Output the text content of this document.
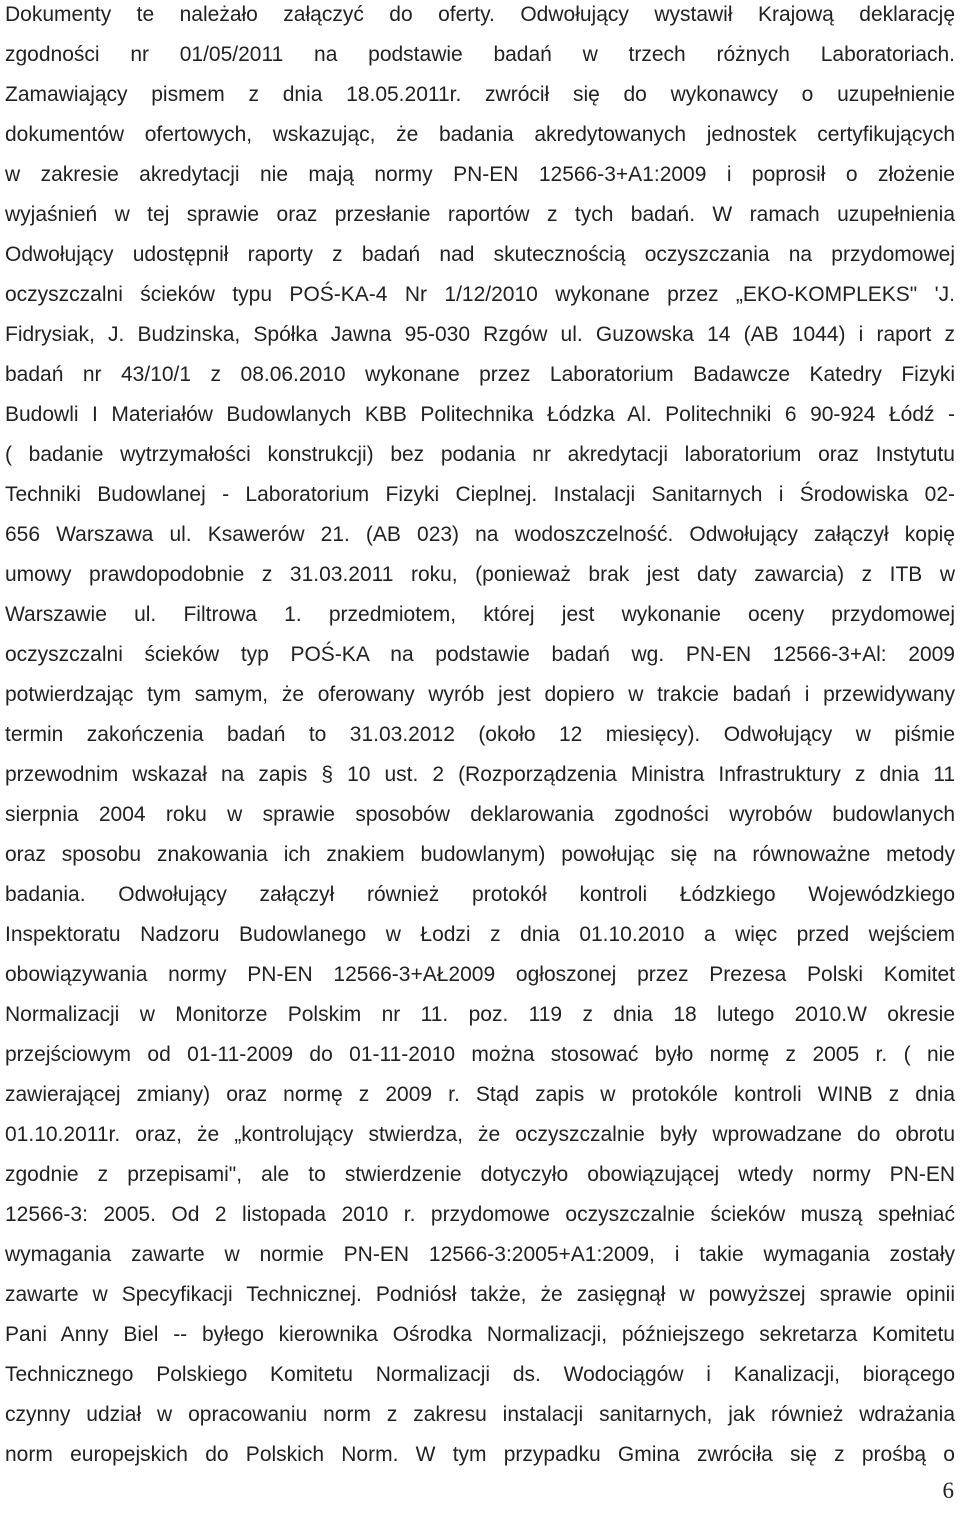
Dokumenty te należało załączyć do oferty. Odwołujący wystawił Krajową deklarację
zgodności nr 01/05/2011 na podstawie badań w trzech różnych Laboratoriach.
Zamawiający pismem z dnia 18.05.2011r. zwrócił się do wykonawcy o uzupełnienie
dokumentów ofertowych, wskazując, że badania akredytowanych jednostek certyfikujących
w zakresie akredytacji nie mają normy PN-EN 12566-3+A1:2009 i poprosił o złożenie
wyjaśnień w tej sprawie oraz przesłanie raportów z tych badań. W ramach uzupełnienia
Odwołujący udostępnił raporty z badań nad skutecznością oczyszczania na przydomowej
oczyszczalni ścieków typu POŚ-KA-4 Nr 1/12/2010 wykonane przez „EKO-KOMPLEKS" 'J.
Fidrysiak, J. Budzinska, Spółka Jawna 95-030 Rzgów ul. Guzowska 14 (AB 1044) i raport z
badań nr 43/10/1 z 08.06.2010 wykonane przez Laboratorium Badawcze Katedry Fizyki
Budowli I Materiałów Budowlanych KBB Politechnika Łódzka Al. Politechniki 6 90-924 Łódź -
( badanie wytrzymałości konstrukcji) bez podania nr akredytacji laboratorium oraz Instytutu
Techniki Budowlanej - Laboratorium Fizyki Cieplnej. Instalacji Sanitarnych i Środowiska 02-
656 Warszawa ul. Ksawerów 21. (AB 023) na wodoszczelność. Odwołujący załączył kopię
umowy prawdopodobnie z 31.03.2011 roku, (ponieważ brak jest daty zawarcia) z ITB w
Warszawie ul. Filtrowa 1. przedmiotem, której jest wykonanie oceny przydomowej
oczyszczalni ścieków typ POŚ-KA na podstawie badań wg. PN-EN 12566-3+Al: 2009
potwierdzając tym samym, że oferowany wyrób jest dopiero w trakcie badań i przewidywany
termin zakończenia badań to 31.03.2012 (około 12 miesięcy). Odwołujący w piśmie
przewodnim wskazał na zapis § 10 ust. 2 (Rozporządzenia Ministra Infrastruktury z dnia 11
sierpnia 2004 roku w sprawie sposobów deklarowania zgodności wyrobów budowlanych
oraz sposobu znakowania ich znakiem budowlanym) powołując się na równoważne metody
badania. Odwołujący załączył również protokół kontroli Łódzkiego Wojewódzkiego
Inspektoratu Nadzoru Budowlanego w Łodzi z dnia 01.10.2010 a więc przed wejściem
obowiązywania normy PN-EN 12566-3+AŁ2009 ogłoszonej przez Prezesa Polski Komitet
Normalizacji w Monitorze Polskim nr 11. poz. 119 z dnia 18 lutego 2010.W okresie
przejściowym od 01-11-2009 do 01-11-2010 można stosować było normę z 2005 r. ( nie
zawierającej zmiany) oraz normę z 2009 r. Stąd zapis w protokóle kontroli WINB z dnia
01.10.2011r. oraz, że „kontrolujący stwierdza, że oczyszczalnie były wprowadzane do obrotu
zgodnie z przepisami", ale to stwierdzenie dotyczyło obowiązującej wtedy normy PN-EN
12566-3: 2005. Od 2 listopada 2010 r. przydomowe oczyszczalnie ścieków muszą spełniać
wymagania zawarte w normie PN-EN 12566-3:2005+A1:2009, i takie wymagania zostały
zawarte w Specyfikacji Technicznej. Podniósł także, że zasięgnął w powyższej sprawie opinii
Pani Anny Biel -- byłego kierownika Ośrodka Normalizacji, późniejszego sekretarza Komitetu
Technicznego Polskiego Komitetu Normalizacji ds. Wodociągów i Kanalizacji, biorącego
czynny udział w opracowaniu norm z zakresu instalacji sanitarnych, jak również wdrażania
norm europejskich do Polskich Norm. W tym przypadku Gmina zwróciła się z prośbą o
6
